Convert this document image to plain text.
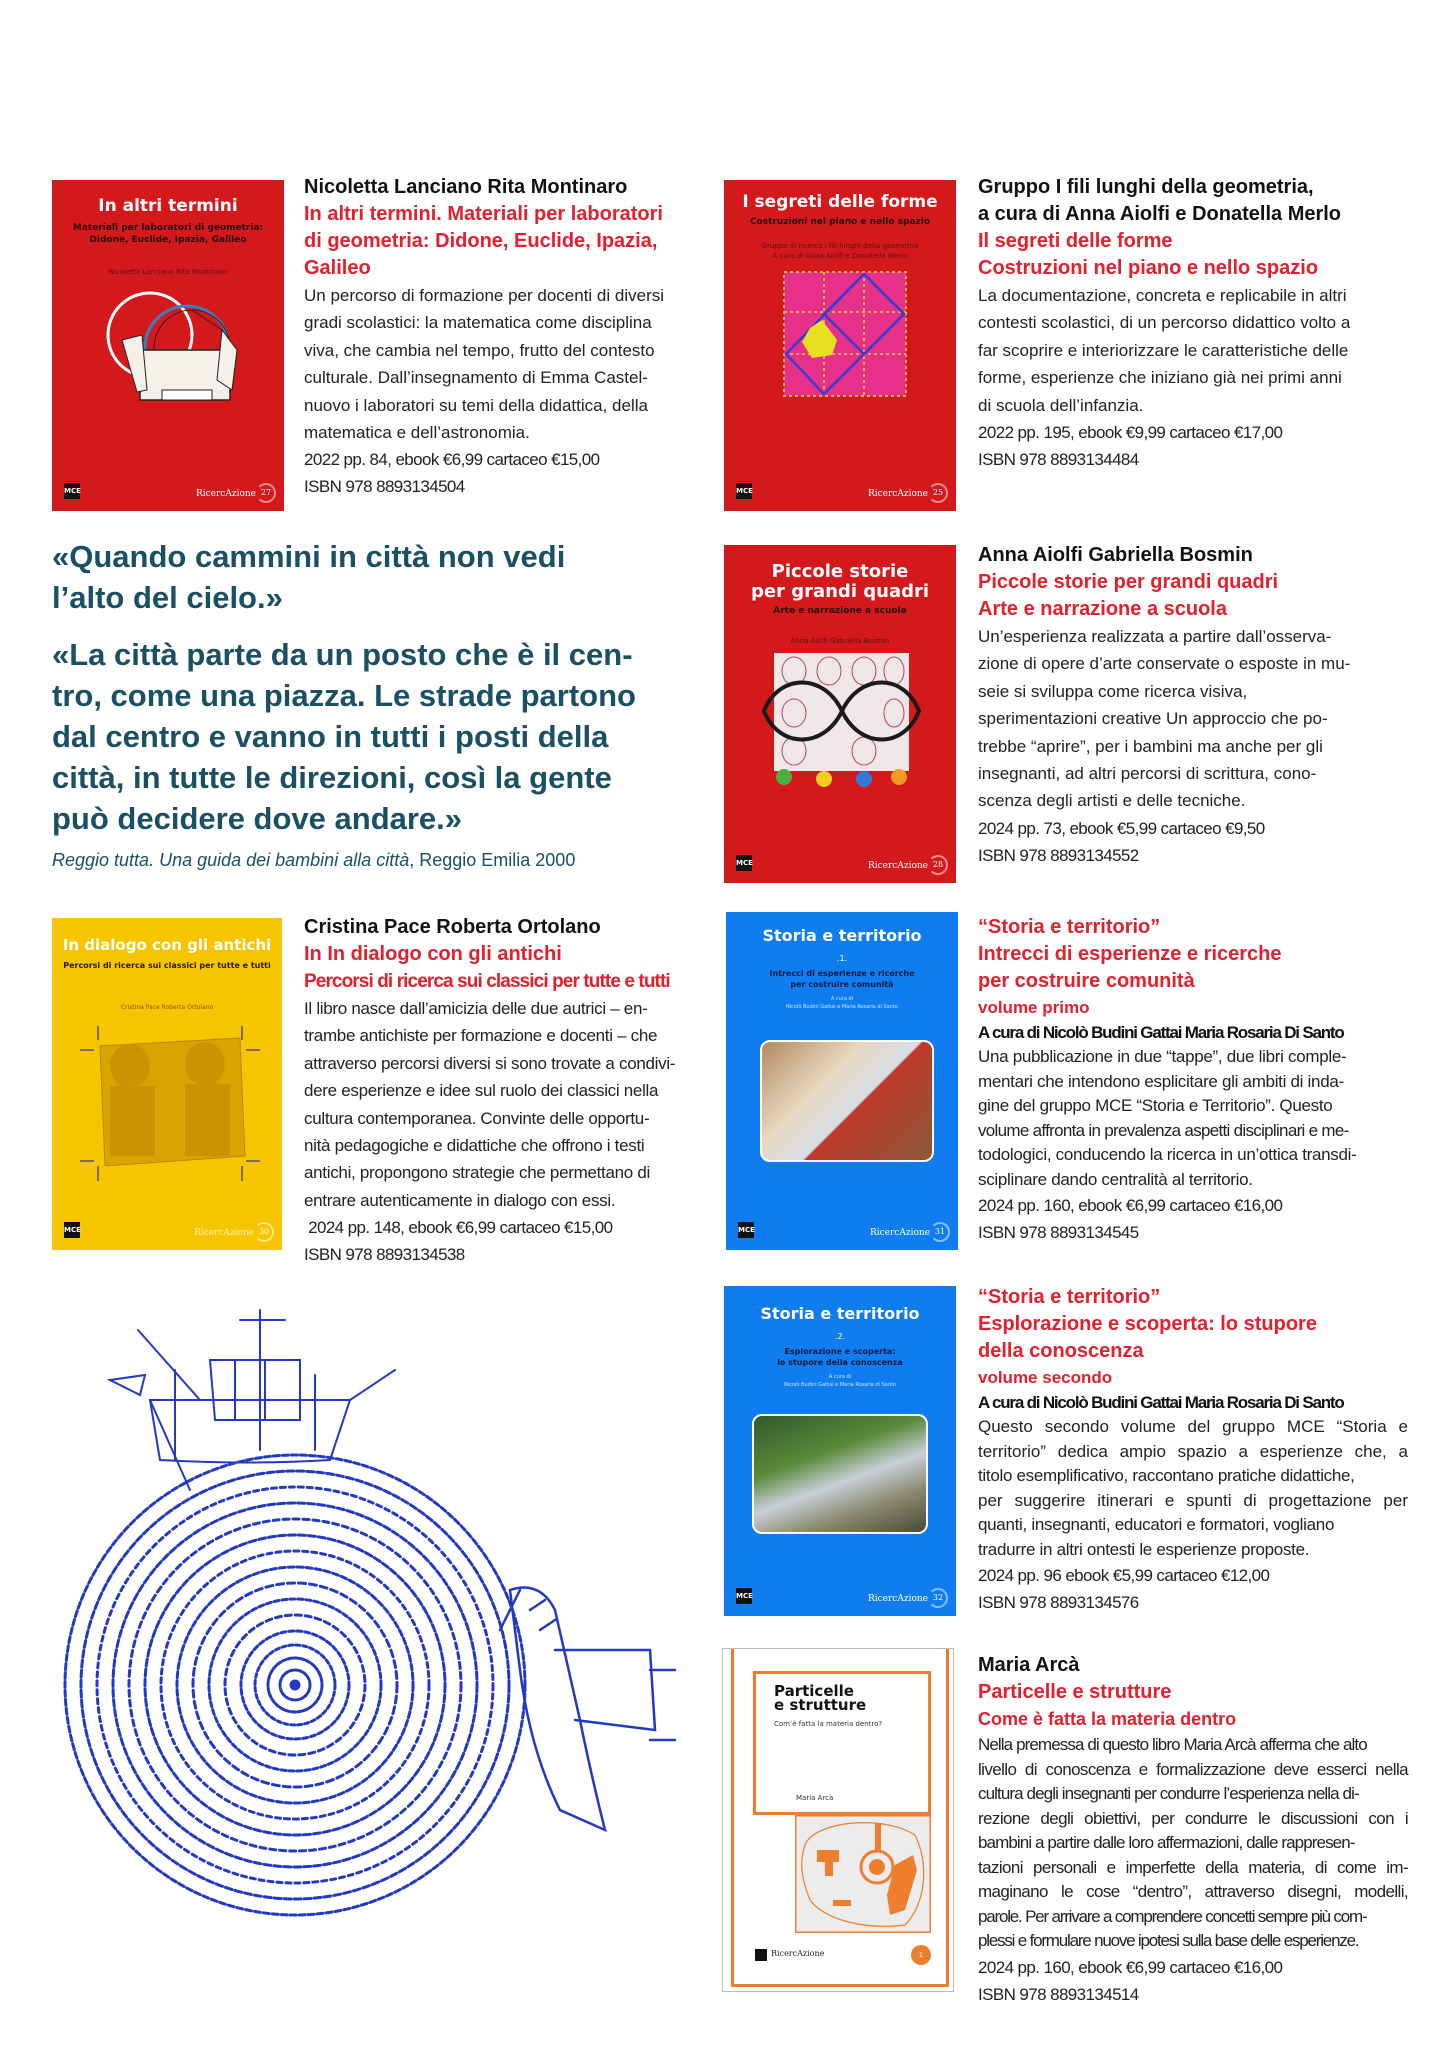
In altri termini
Materiali per laboratori di geometria:
Didone, Euclide, Ipazia, Galileo
Nicoletta Lanciano Rita Montinaro
MCE	RicercAzione 27
Nicoletta Lanciano Rita Montinaro
In altri termini. Materiali per laboratori
di geometria: Didone, Euclide, Ipazia,
Galileo
Un percorso di formazione per docenti di diversi
gradi scolastici: la matematica come disciplina
viva, che cambia nel tempo, frutto del contesto
culturale. Dall’insegnamento di Emma Castel-
nuovo i laboratori su temi della didattica, della
matematica e dell’astronomia.
2022 pp. 84, ebook €6,99 cartaceo €15,00
ISBN 978 8893134504
I segreti delle forme
Costruzioni nel piano e nello spazio
Gruppo di ricerca I fili lunghi della geometria
A cura di Anna Aiolfi e Donatella Merlo
MCE	RicercAzione 25
Gruppo I fili lunghi della geometria,
a cura di Anna Aiolfi e Donatella Merlo
Il segreti delle forme
Costruzioni nel piano e nello spazio
La documentazione, concreta e replicabile in altri
contesti scolastici, di un percorso didattico volto a
far scoprire e interiorizzare le caratteristiche delle
forme, esperienze che iniziano già nei primi anni
di scuola dell’infanzia.
2022 pp. 195, ebook €9,99 cartaceo €17,00
ISBN 978 8893134484
«Quando cammini in città non vedi
l’alto del cielo.»
«La città parte da un posto che è il cen-
tro, come una piazza. Le strade partono
dal centro e vanno in tutti i posti della
città, in tutte le direzioni, così la gente
può decidere dove andare.»
Reggio tutta. Una guida dei bambini alla città, Reggio Emilia 2000
Piccole storie
per grandi quadri
Arte e narrazione a scuola
Anna Aiolfi Gabriella Bosmin
MCE	RicercAzione 28
Anna Aiolfi Gabriella Bosmin
Piccole storie per grandi quadri
Arte e narrazione a scuola
Un’esperienza realizzata a partire dall’osserva-
zione di opere d’arte conservate o esposte in mu-
seie si sviluppa come ricerca visiva,
sperimentazioni creative Un approccio che po-
trebbe “aprire”, per i bambini ma anche per gli
insegnanti, ad altri percorsi di scrittura, cono-
scenza degli artisti e delle tecniche.
2024 pp. 73, ebook €5,99 cartaceo €9,50
ISBN 978 8893134552
In dialogo con gli antichi
Percorsi di ricerca sui classici per tutte e tutti
Cristina Pace Roberta Ortolano
MCE	RicercAzione 30
Cristina Pace Roberta Ortolano
In In dialogo con gli antichi
Percorsi di ricerca sui classici per tutte e tutti
Il libro nasce dall’amicizia delle due autrici – en-
trambe antichiste per formazione e docenti – che
attraverso percorsi diversi si sono trovate a condivi-
dere esperienze e idee sul ruolo dei classici nella
cultura contemporanea. Convinte delle opportu-
nità pedagogiche e didattiche che offrono i testi
antichi, propongono strategie che permettano di
entrare autenticamente in dialogo con essi.
2024 pp. 148, ebook €6,99 cartaceo €15,00
ISBN 978 8893134538
Storia e territorio
.1.
Intrecci di esperienze e ricerche
per costruire comunità
A cura di
Nicolò Budini Gattai e Maria Rosaria di Santo
MCE	RicercAzione 31
“Storia e territorio”
Intrecci di esperienze e ricerche
per costruire comunità
volume primo
A cura di Nicolò Budini Gattai Maria Rosaria Di Santo
Una pubblicazione in due “tappe”, due libri comple-
mentari che intendono esplicitare gli ambiti di inda-
gine del gruppo MCE “Storia e Territorio”. Questo
volume affronta in prevalenza aspetti disciplinari e me-
todologici, conducendo la ricerca in un’ottica transdi-
sciplinare dando centralità al territorio.
2024 pp. 160, ebook €6,99 cartaceo €16,00
ISBN 978 8893134545
Storia e territorio
.2.
Esplorazione e scoperta:
lo stupore della conoscenza
A cura di
Nicolò Budini Gattai e Maria Rosaria di Santo
MCE	RicercAzione 32
“Storia e territorio”
Esplorazione e scoperta: lo stupore
della conoscenza
volume secondo
A cura di Nicolò Budini Gattai Maria Rosaria Di Santo
Questo secondo volume del gruppo MCE “Storia e
territorio” dedica ampio spazio a esperienze che, a
titolo esemplificativo, raccontano pratiche didattiche,
per suggerire itinerari e spunti di progettazione per
quanti, insegnanti, educatori e formatori, vogliano
tradurre in altri ontesti le esperienze proposte.
2024 pp. 96 ebook €5,99 cartaceo €12,00
ISBN 978 8893134576
Particelle
e strutture
Com’è fatta la materia dentro?
Maria Arcà
RicercAzione	1
Maria Arcà
Particelle e strutture
Come è fatta la materia dentro
Nella premessa di questo libro Maria Arcà afferma che alto
livello di conoscenza e formalizzazione deve esserci nella
cultura degli insegnanti per condurre l’esperienza nella di-
rezione degli obiettivi, per condurre le discussioni con i
bambini a partire dalle loro affermazioni, dalle rappresen-
tazioni personali e imperfette della materia, di come im-
maginano le cose “dentro”, attraverso disegni, modelli,
parole. Per arrivare a comprendere concetti sempre più com-
plessi e formulare nuove ipotesi sulla base delle esperienze.
2024 pp. 160, ebook €6,99 cartaceo €16,00
ISBN 978 8893134514
